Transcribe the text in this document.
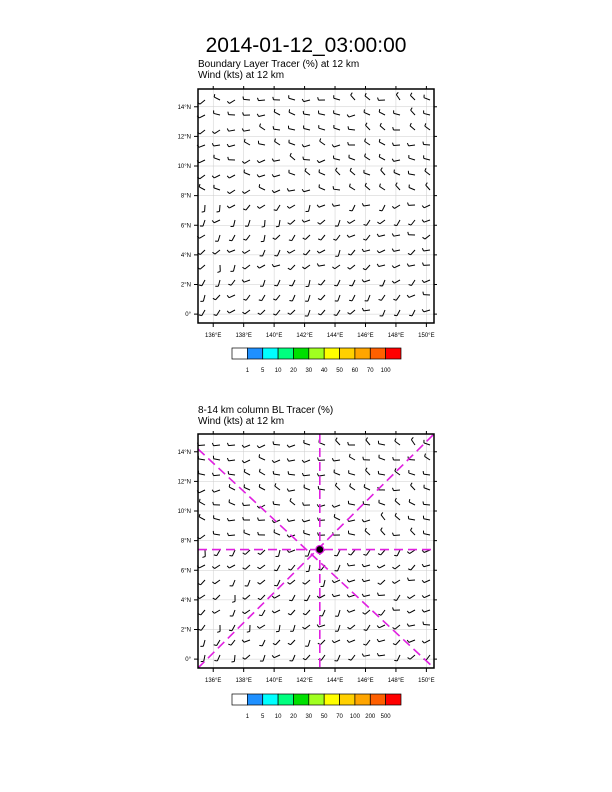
2014-01-12_03:00:00
Boundary Layer Tracer (%) at 12 km
Wind (kts) at 12 km
136°E 138°E 140°E 142°E 144°E 146°E 148°E 150°E
0°
2°N
4°N
6°N
8°N
10°N
12°N
14°N
1 5 10 20 30 40 50 60 70 100
8-14 km column BL Tracer (%)
Wind (kts) at 12 km
136°E 138°E 140°E 142°E 144°E 146°E 148°E 150°E
0°
2°N
4°N
6°N
8°N
10°N
12°N
14°N
1 5 10 20 30 50 70 100 200 500
